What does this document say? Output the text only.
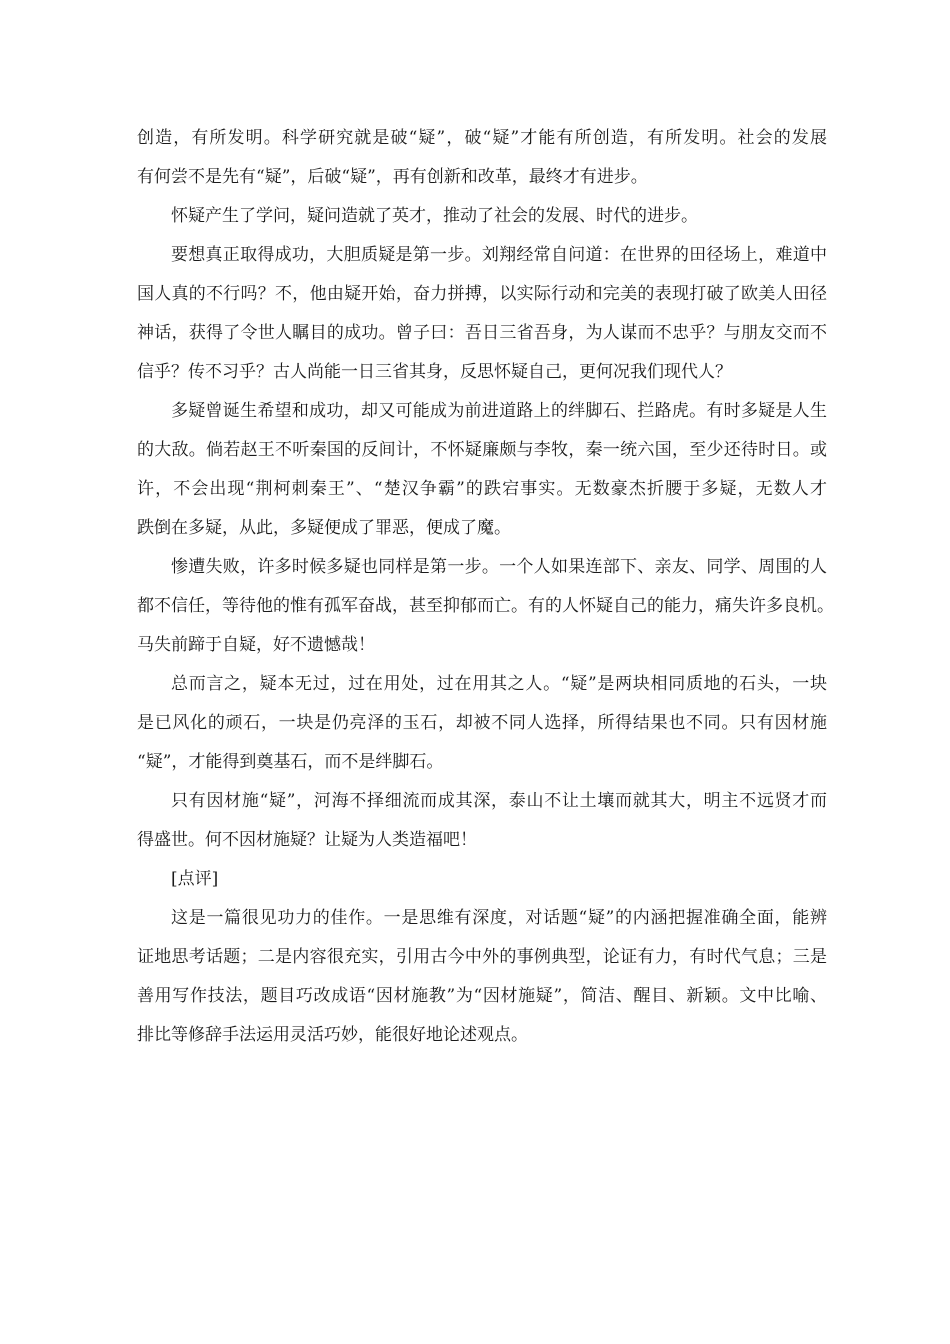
创造，有所发明。科学研究就是破“疑”，破“疑”才能有所创造，有所发明。社会的发展
有何尝不是先有“疑”，后破“疑”，再有创新和改革，最终才有进步。
怀疑产生了学问，疑问造就了英才，推动了社会的发展、时代的进步。
要想真正取得成功，大胆质疑是第一步。刘翔经常自问道：在世界的田径场上，难道中
国人真的不行吗？不，他由疑开始，奋力拼搏，以实际行动和完美的表现打破了欧美人田径
神话，获得了令世人瞩目的成功。曾子曰：吾日三省吾身，为人谋而不忠乎？与朋友交而不
信乎？传不习乎？古人尚能一日三省其身，反思怀疑自己，更何况我们现代人？
多疑曾诞生希望和成功，却又可能成为前进道路上的绊脚石、拦路虎。有时多疑是人生
的大敌。倘若赵王不听秦国的反间计，不怀疑廉颇与李牧，秦一统六国，至少还待时日。或
许，不会出现“荆柯刺秦王”、“楚汉争霸”的跌宕事实。无数豪杰折腰于多疑，无数人才
跌倒在多疑，从此，多疑便成了罪恶，便成了魔。
惨遭失败，许多时候多疑也同样是第一步。一个人如果连部下、亲友、同学、周围的人
都不信任，等待他的惟有孤军奋战，甚至抑郁而亡。有的人怀疑自己的能力，痛失许多良机。
马失前蹄于自疑，好不遗憾哉！
总而言之，疑本无过，过在用处，过在用其之人。“疑”是两块相同质地的石头，一块
是已风化的顽石，一块是仍亮泽的玉石，却被不同人选择，所得结果也不同。只有因材施
“疑”，才能得到奠基石，而不是绊脚石。
只有因材施“疑”，河海不择细流而成其深，泰山不让土壤而就其大，明主不远贤才而
得盛世。何不因材施疑？让疑为人类造福吧！
[点评]
这是一篇很见功力的佳作。一是思维有深度，对话题“疑”的内涵把握准确全面，能辨
证地思考话题；二是内容很充实，引用古今中外的事例典型，论证有力，有时代气息；三是
善用写作技法，题目巧改成语“因材施教”为“因材施疑”，简洁、醒目、新颖。文中比喻、
排比等修辞手法运用灵活巧妙，能很好地论述观点。
